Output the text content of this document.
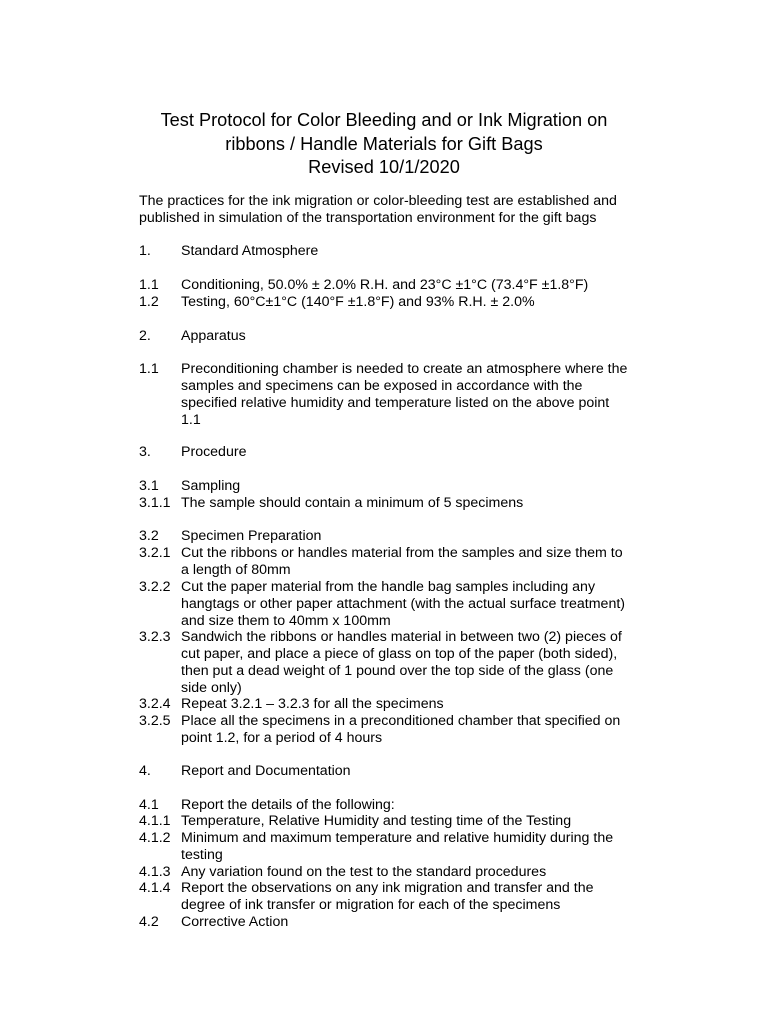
Test Protocol for Color Bleeding and or Ink Migration on
ribbons / Handle Materials for Gift Bags
Revised 10/1/2020
The practices for the ink migration or color-bleeding test are established and
published in simulation of the transportation environment for the gift bags
1.	Standard Atmosphere
1.1	Conditioning, 50.0% ± 2.0% R.H. and 23°C ±1°C (73.4°F ±1.8°F)
1.2	Testing, 60°C±1°C (140°F ±1.8°F) and 93% R.H. ± 2.0%
2.	Apparatus
1.1	Preconditioning chamber is needed to create an atmosphere where the
samples and specimens can be exposed in accordance with the
specified relative humidity and temperature listed on the above point
1.1
3.	Procedure
3.1	Sampling
3.1.1 The sample should contain a minimum of 5 specimens
3.2	Specimen Preparation
3.2.1 Cut the ribbons or handles material from the samples and size them to
a length of 80mm
3.2.2 Cut the paper material from the handle bag samples including any
hangtags or other paper attachment (with the actual surface treatment)
and size them to 40mm x 100mm
3.2.3 Sandwich the ribbons or handles material in between two (2) pieces of
cut paper, and place a piece of glass on top of the paper (both sided),
then put a dead weight of 1 pound over the top side of the glass (one
side only)
3.2.4 Repeat 3.2.1 – 3.2.3 for all the specimens
3.2.5 Place all the specimens in a preconditioned chamber that specified on
point 1.2, for a period of 4 hours
4.	Report and Documentation
4.1	Report the details of the following:
4.1.1 Temperature, Relative Humidity and testing time of the Testing
4.1.2 Minimum and maximum temperature and relative humidity during the
testing
4.1.3 Any variation found on the test to the standard procedures
4.1.4 Report the observations on any ink migration and transfer and the
degree of ink transfer or migration for each of the specimens
4.2	Corrective Action
